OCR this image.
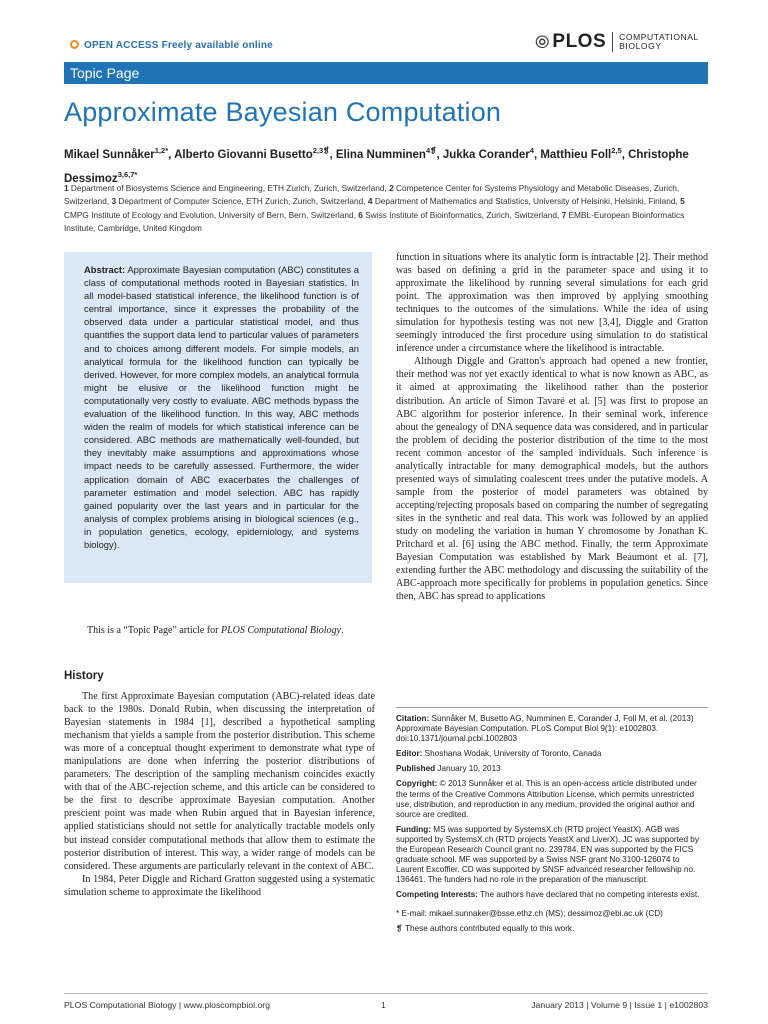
OPEN ACCESS Freely available online	⦾ PLOS COMPUTATIONAL
BIOLOGY
Topic Page
Approximate Bayesian Computation
Mikael Sunnåker$^{1,2*}$, Alberto Giovanni Busetto$^{2,3❡}$, Elina Numminen$^{4❡}$, Jukka Corander$^4$, Matthieu Foll$^{2,5}$, Christophe Dessimoz$^{3,6,7*}$
1 Department of Biosystems Science and Engineering, ETH Zurich, Zurich, Switzerland, 2 Competence Center for Systems Physiology and Metabolic Diseases, Zurich, Switzerland, 3 Department of Computer Science, ETH Zurich, Zurich, Switzerland, 4 Department of Mathematics and Statistics, University of Helsinki, Helsinki, Finland, 5 CMPG Institute of Ecology and Evolution, University of Bern, Bern, Switzerland, 6 Swiss Institute of Bioinformatics, Zurich, Switzerland, 7 EMBL-European Bioinformatics Institute, Cambridge, United Kingdom
Abstract: Approximate Bayesian computation (ABC) constitutes a class of computational methods rooted in Bayesian statistics. In all model-based statistical inference, the likelihood function is of central importance, since it expresses the probability of the observed data under a particular statistical model, and thus quantifies the support data lend to particular values of parameters and to choices among different models. For simple models, an analytical formula for the likelihood function can typically be derived. However, for more complex models, an analytical formula might be elusive or the likelihood function might be computationally very costly to evaluate. ABC methods bypass the evaluation of the likelihood function. In this way, ABC methods widen the realm of models for which statistical inference can be considered. ABC methods are mathematically well-founded, but they inevitably make assumptions and approximations whose impact needs to be carefully assessed. Furthermore, the wider application domain of ABC exacerbates the challenges of parameter estimation and model selection. ABC has rapidly gained popularity over the last years and in particular for the analysis of complex problems arising in biological sciences (e.g., in population genetics, ecology, epidemiology, and systems biology).
This is a “Topic Page” article for PLOS Computational Biology.
History

The first Approximate Bayesian computation (ABC)-related ideas date back to the 1980s. Donald Rubin, when discussing the interpretation of Bayesian statements in 1984 [1], described a hypothetical sampling mechanism that yields a sample from the posterior distribution. This scheme was more of a conceptual thought experiment to demonstrate what type of manipulations are done when inferring the posterior distributions of parameters. The description of the sampling mechanism coincides exactly with that of the ABC-rejection scheme, and this article can be considered to be the first to describe approximate Bayesian computation. Another prescient point was made when Rubin argued that in Bayesian inference, applied statisticians should not settle for analytically tractable models only but instead consider computational methods that allow them to estimate the posterior distribution of interest. This way, a wider range of models can be considered. These arguments are particularly relevant in the context of ABC.

In 1984, Peter Diggle and Richard Gratton suggested using a systematic simulation scheme to approximate the likelihood

function in situations where its analytic form is intractable [2]. Their method was based on defining a grid in the parameter space and using it to approximate the likelihood by running several simulations for each grid point. The approximation was then improved by applying smoothing techniques to the outcomes of the simulations. While the idea of using simulation for hypothesis testing was not new [3,4], Diggle and Gratton seemingly introduced the first procedure using simulation to do statistical inference under a circumstance where the likelihood is intractable.

Although Diggle and Gratton's approach had opened a new frontier, their method was not yet exactly identical to what is now known as ABC, as it aimed at approximating the likelihood rather than the posterior distribution. An article of Simon Tavaré et al. [5] was first to propose an ABC algorithm for posterior inference. In their seminal work, inference about the genealogy of DNA sequence data was considered, and in particular the problem of deciding the posterior distribution of the time to the most recent common ancestor of the sampled individuals. Such inference is analytically intractable for many demographical models, but the authors presented ways of simulating coalescent trees under the putative models. A sample from the posterior of model parameters was obtained by accepting/rejecting proposals based on comparing the number of segregating sites in the synthetic and real data. This work was followed by an applied study on modeling the variation in human Y chromosome by Jonathan K. Pritchard et al. [6] using the ABC method. Finally, the term Approximate Bayesian Computation was established by Mark Beaumont et al. [7], extending further the ABC methodology and discussing the suitability of the ABC-approach more specifically for problems in population genetics. Since then, ABC has spread to applications

Citation: Sunnåker M, Busetto AG, Numminen E, Corander J, Foll M, et al. (2013) Approximate Bayesian Computation. PLoS Comput Biol 9(1): e1002803. doi:10.1371/journal.pcbi.1002803

Editor: Shoshana Wodak, University of Toronto, Canada

Published January 10, 2013

Copyright: © 2013 Sunnåker et al. This is an open-access article distributed under the terms of the Creative Commons Attribution License, which permits unrestricted use, distribution, and reproduction in any medium, provided the original author and source are credited.

Funding: MS was supported by SystemsX.ch (RTD project YeastX). AGB was supported by SystemsX.ch (RTD projects YeastX and LiverX). JC was supported by the European Research Council grant no. 239784. EN was supported by the FICS graduate school. MF was supported by a Swiss NSF grant No 3100-126074 to Laurent Excoffier. CD was supported by SNSF advanced researcher fellowship no. 136461. The funders had no role in the preparation of the manuscript.

Competing Interests: The authors have declared that no competing interests exist.

* E-mail: mikael.sunnaker@bsse.ethz.ch (MS); dessimoz@ebi.ac.uk (CD)

❡ These authors contributed equally to this work.

PLOS Computational Biology | www.ploscompbiol.org	1	January 2013 | Volume 9 | Issue 1 | e1002803
